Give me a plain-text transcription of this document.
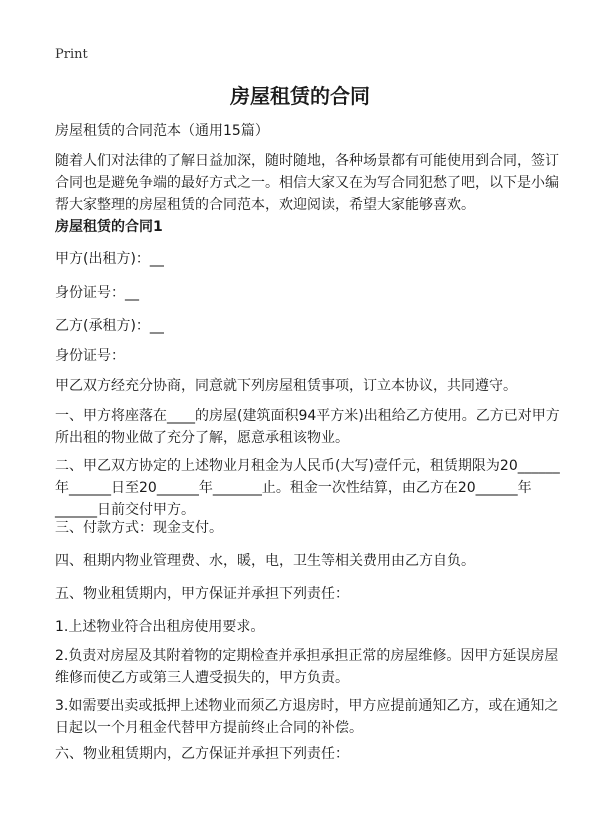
Print
房屋租赁的合同

房屋租赁的合同范本（通用15篇）

随着人们对法律的了解日益加深，随时随地，各种场景都有可能使用到合同，签订

合同也是避免争端的最好方式之一。相信大家又在为写合同犯愁了吧，以下是小编

帮大家整理的房屋租赁的合同范本，欢迎阅读，希望大家能够喜欢。

房屋租赁的合同1

甲方(出租方)：__

身份证号：__

乙方(承租方)：__

身份证号：

甲乙双方经充分协商，同意就下列房屋租赁事项，订立本协议，共同遵守。

一、甲方将座落在____的房屋(建筑面积94平方米)出租给乙方使用。乙方已对甲方

所出租的物业做了充分了解，愿意承租该物业。

二、甲乙双方协定的上述物业月租金为人民币(大写)壹仟元，租赁期限为20______

年______日至20______年_______止。租金一次性结算，由乙方在20______年

______日前交付甲方。

三、付款方式：现金支付。

四、租期内物业管理费、水，暖，电，卫生等相关费用由乙方自负。

五、物业租赁期内，甲方保证并承担下列责任：

1.上述物业符合出租房使用要求。

2.负责对房屋及其附着物的定期检查并承担承担正常的房屋维修。因甲方延误房屋

维修而使乙方或第三人遭受损失的，甲方负责。

3.如需要出卖或抵押上述物业而须乙方退房时，甲方应提前通知乙方，或在通知之

日起以一个月租金代替甲方提前终止合同的补偿。

六、物业租赁期内，乙方保证并承担下列责任：
